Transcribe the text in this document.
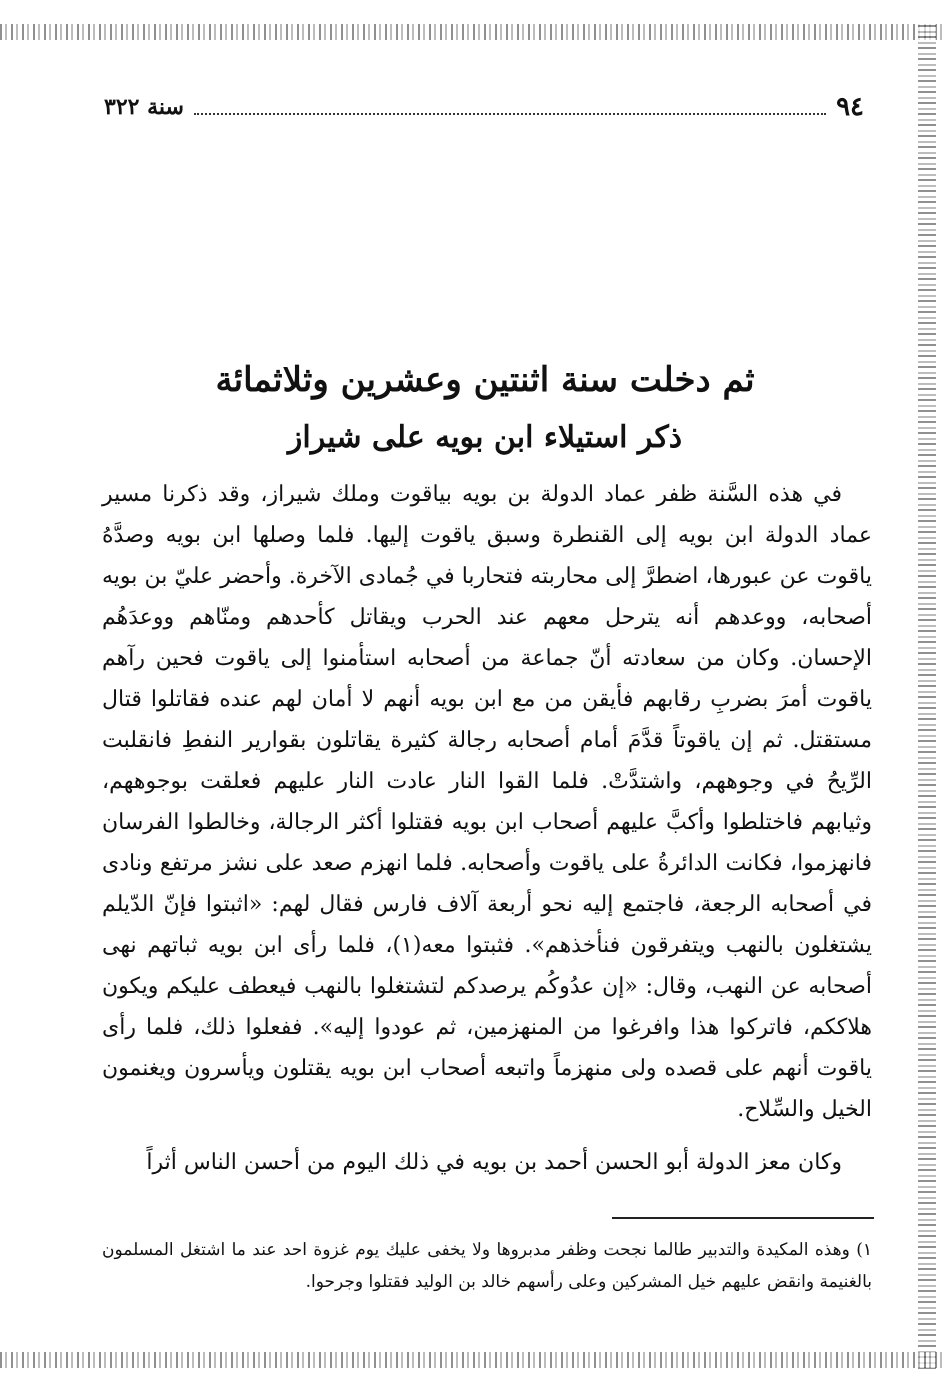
٩٤
سنة ٣٢٢
ثم دخلت سنة اثنتين وعشرين وثلاثمائة
ذكر استيلاء ابن بويه على شيراز

في هذه السَّنة ظفر عماد الدولة بن بويه بياقوت وملك شيراز، وقد ذكرنا مسير عماد الدولة ابن بويه إلى القنطرة وسبق ياقوت إليها. فلما وصلها ابن بويه وصدَّهُ ياقوت عن عبورها، اضطرَّ إلى محاربته فتحاربا في جُمادى الآخرة. وأحضر عليّ بن بويه أصحابه، ووعدهم أنه يترحل معهم عند الحرب ويقاتل كأحدهم ومنّاهم ووعدَهُم الإحسان. وكان من سعادته أنّ جماعة من أصحابه استأمنوا إلى ياقوت فحين رآهم ياقوت أمرَ بضربِ رقابهم فأيقن من مع ابن بويه أنهم لا أمان لهم عنده فقاتلوا قتال مستقتل. ثم إن ياقوتاً قدَّمَ أمام أصحابه رجالة كثيرة يقاتلون بقوارير النفطِ فانقلبت الرِّيحُ في وجوههم، واشتدَّتْ. فلما القوا النار عادت النار عليهم فعلقت بوجوههم، وثيابهم فاختلطوا وأكبَّ عليهم أصحاب ابن بويه فقتلوا أكثر الرجالة، وخالطوا الفرسان فانهزموا، فكانت الدائرةُ على ياقوت وأصحابه. فلما انهزم صعد على نشز مرتفع ونادى في أصحابه الرجعة، فاجتمع إليه نحو أربعة آلاف فارس فقال لهم: «اثبتوا فإنّ الدّيلم يشتغلون بالنهب ويتفرقون فنأخذهم». فثبتوا معه(١)، فلما رأى ابن بويه ثباتهم نهى أصحابه عن النهب، وقال: «إن عدُوكُم يرصدكم لتشتغلوا بالنهب فيعطف عليكم ويكون هلاككم، فاتركوا هذا وافرغوا من المنهزمين، ثم عودوا إليه». ففعلوا ذلك، فلما رأى ياقوت أنهم على قصده ولى منهزماً واتبعه أصحاب ابن بويه يقتلون ويأسرون ويغنمون الخيل والسِّلاح.

وكان معز الدولة أبو الحسن أحمد بن بويه في ذلك اليوم من أحسن الناس أثراً

١) وهذه المكيدة والتدبير طالما نجحت وظفر مدبروها ولا يخفى عليك يوم غزوة احد عند ما اشتغل المسلمون بالغنيمة وانقض عليهم خيل المشركين وعلى رأسهم خالد بن الوليد فقتلوا وجرحوا.
